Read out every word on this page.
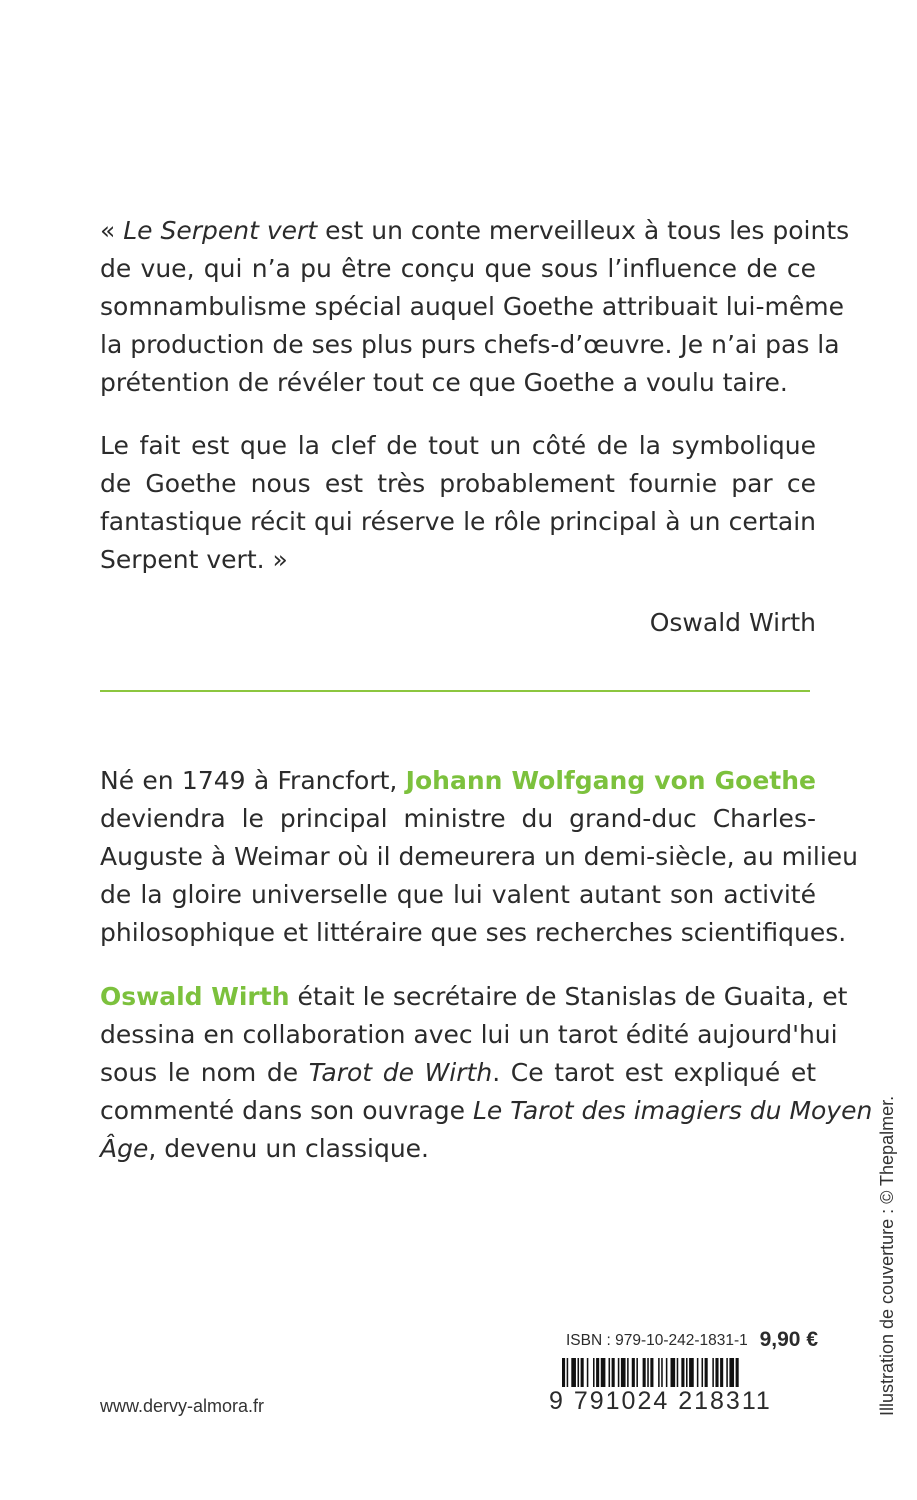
« Le Serpent vert est un conte merveilleux à tous les points
de vue, qui n’a pu être conçu que sous l’influence de ce
somnambulisme spécial auquel Goethe attribuait lui-même
la production de ses plus purs chefs-d’œuvre. Je n’ai pas la
prétention de révéler tout ce que Goethe a voulu taire.
Le fait est que la clef de tout un côté de la symbolique
de Goethe nous est très probablement fournie par ce
fantastique récit qui réserve le rôle principal à un certain
Serpent vert. »

Oswald Wirth

Né en 1749 à Francfort, Johann Wolfgang von Goethe
deviendra le principal ministre du grand-duc Charles-
Auguste à Weimar où il demeurera un demi-siècle, au milieu
de la gloire universelle que lui valent autant son activité
philosophique et littéraire que ses recherches scientifiques.
Oswald Wirth était le secrétaire de Stanislas de Guaita, et
dessina en collaboration avec lui un tarot édité aujourd'hui
sous le nom de Tarot de Wirth. Ce tarot est expliqué et
commenté dans son ouvrage Le Tarot des imagiers du Moyen
Âge, devenu un classique.
ISBN : 979-10-242-1831-1 9,90 €
9 791024 218311

www.dervy-almora.fr	Illustration de couverture : © Thepalmer.
